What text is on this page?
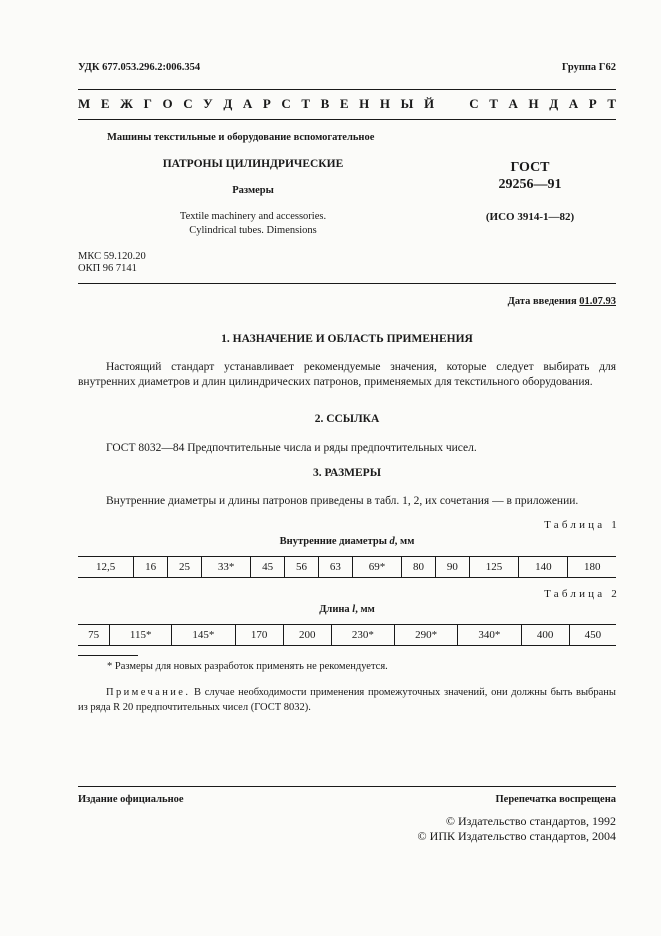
УДК 677.053.296.2:006.354	Группа Г62
М Е Ж Г О С У Д А Р С Т В Е Н Н Ы Й
	С Т А Н Д А Р Т
Машины текстильные и оборудование вспомогательное
ПАТРОНЫ ЦИЛИНДРИЧЕСКИЕ
Размеры
Textile machinery and accessories.
Cylindrical tubes. Dimensions
ГОСТ
29256—91
(ИСО 3914-1—82)
МКС 59.120.20
ОКП 96 7141
Дата введения 01.07.93
1. НАЗНАЧЕНИЕ И ОБЛАСТЬ ПРИМЕНЕНИЯ
Настоящий стандарт устанавливает рекомендуемые значения, которые следует выбирать для внутренних диаметров и длин цилиндрических патронов, применяемых для текстильного оборудования.
2. ССЫЛКА
ГОСТ 8032—84 Предпочтительные числа и ряды предпочтительных чисел.
3. РАЗМЕРЫ
Внутренние диаметры и длины патронов приведены в табл. 1, 2, их сочетания — в приложении.
Таблица 1
Внутренние диаметры d, мм
12,5	16	25	33*	45	56	63	69*	80	90	125	140	180
Таблица 2
Длина l, мм
75	115*	145*	170	200	230*	290*	340*	400	450
* Размеры для новых разработок применять не рекомендуется.
Примечание. В случае необходимости применения промежуточных значений, они должны быть выбраны из ряда R 20 предпочтительных чисел (ГОСТ 8032).
Издание официальное	Перепечатка воспрещена
© Издательство стандартов, 1992
© ИПК Издательство стандартов, 2004
